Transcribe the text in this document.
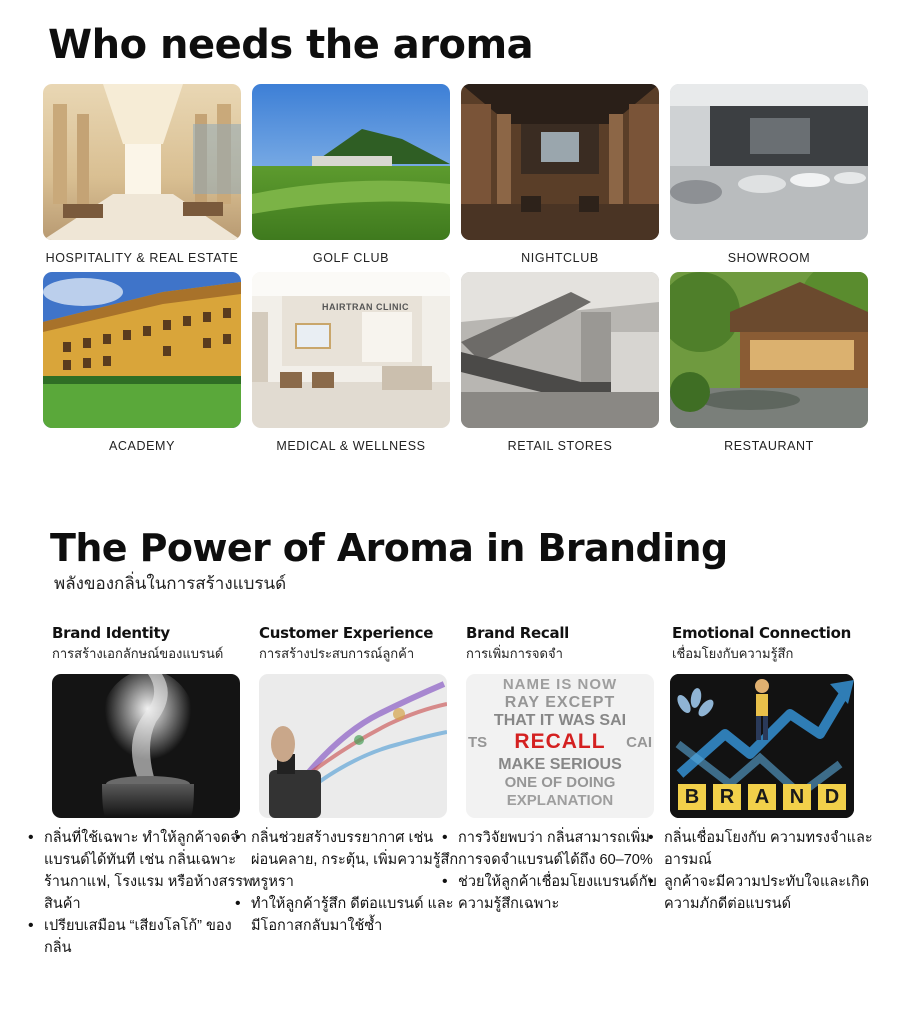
Who needs the aroma
HOSPITALITY & REAL ESTATE	GOLF CLUB	NIGHTCLUB	SHOWROOM
ACADEMY
HAIRTRAN CLINIC
MEDICAL & WELLNESS	RETAIL STORES	RESTAURANT
The Power of Aroma in Branding
พลังของกลิ่นในการสร้างแบรนด์
Brand Identity
การสร้างเอกลักษณ์ของแบรนด์
• กลิ่นที่ใช้เฉพาะ ทำให้ลูกค้าจดจำแบรนด์ได้ทันที เช่น กลิ่นเฉพาะร้านกาแฟ, โรงแรม หรือห้างสรรพสินค้า
• เปรียบเสมือน “เสียงโลโก้” ของกลิ่น
Customer Experience
การสร้างประสบการณ์ลูกค้า
• กลิ่นช่วยสร้างบรรยากาศ เช่น ผ่อนคลาย, กระตุ้น, เพิ่มความรู้สึกหรูหรา
• ทำให้ลูกค้ารู้สึก ดีต่อแบรนด์ และมีโอกาสกลับมาใช้ซ้ำ
Brand Recall
การเพิ่มการจดจำ
NAME IS NOW
RAY EXCEPT
THAT IT WAS SAI
TS	RECALL	CAI
MAKE SERIOUS
ONE OF DOING
EXPLANATION
• การวิจัยพบว่า กลิ่นสามารถเพิ่มการจดจำแบรนด์ได้ถึง 60–70%
• ช่วยให้ลูกค้าเชื่อมโยงแบรนด์กับความรู้สึกเฉพาะ
Emotional Connection
เชื่อมโยงกับความรู้สึก
B	R	A	N	D
• กลิ่นเชื่อมโยงกับ ความทรงจำและอารมณ์
• ลูกค้าจะมีความประทับใจและเกิดความภักดีต่อแบรนด์
